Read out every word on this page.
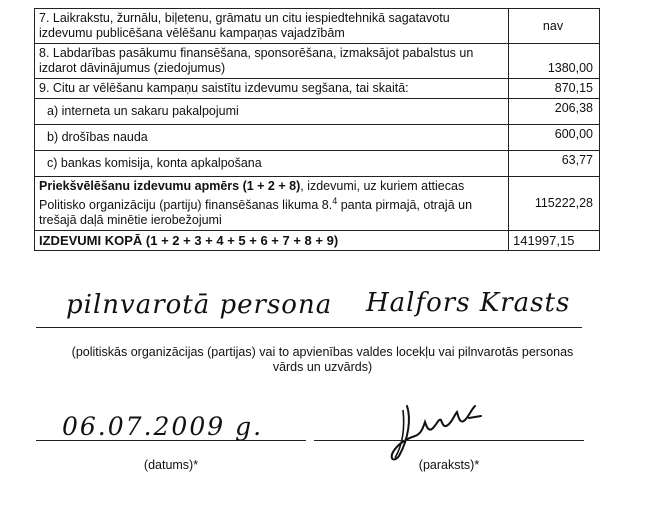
7. Laikrakstu, žurnālu, biļetenu, grāmatu un citu iespiedtehnikā sagatavotu izdevumu publicēšana vēlēšanu kampaņas vajadzībām	nav
8. Labdarības pasākumu finansēšana, sponsorēšana, izmaksājot pabalstus un izdarot dāvinājumus (ziedojumus)	1380,00
9. Citu ar vēlēšanu kampaņu saistītu izdevumu segšana, tai skaitā:	870,15
a) interneta un sakaru pakalpojumi	206,38
b) drošības nauda	600,00
c) bankas komisija, konta apkalpošana	63,77
Priekšvēlēšanu izdevumu apmērs (1 + 2 + 8), izdevumi, uz kuriem attiecas Politisko organizāciju (partiju) finansēšanas likuma 8.$^4$ panta pirmajā, otrajā un trešajā daļā minētie ierobežojumi	115222,28
IZDEVUMI KOPĀ (1 + 2 + 3 + 4 + 5 + 6 + 7 + 8 + 9)	141997,15
pilnvarotā persona Halfors Krasts
(politiskās organizācijas (partijas) vai to apvienības valdes locekļu vai pilnvarotās personas
vārds un uzvārds)
06.07.2009 g.
(datums)*	(paraksts)*
